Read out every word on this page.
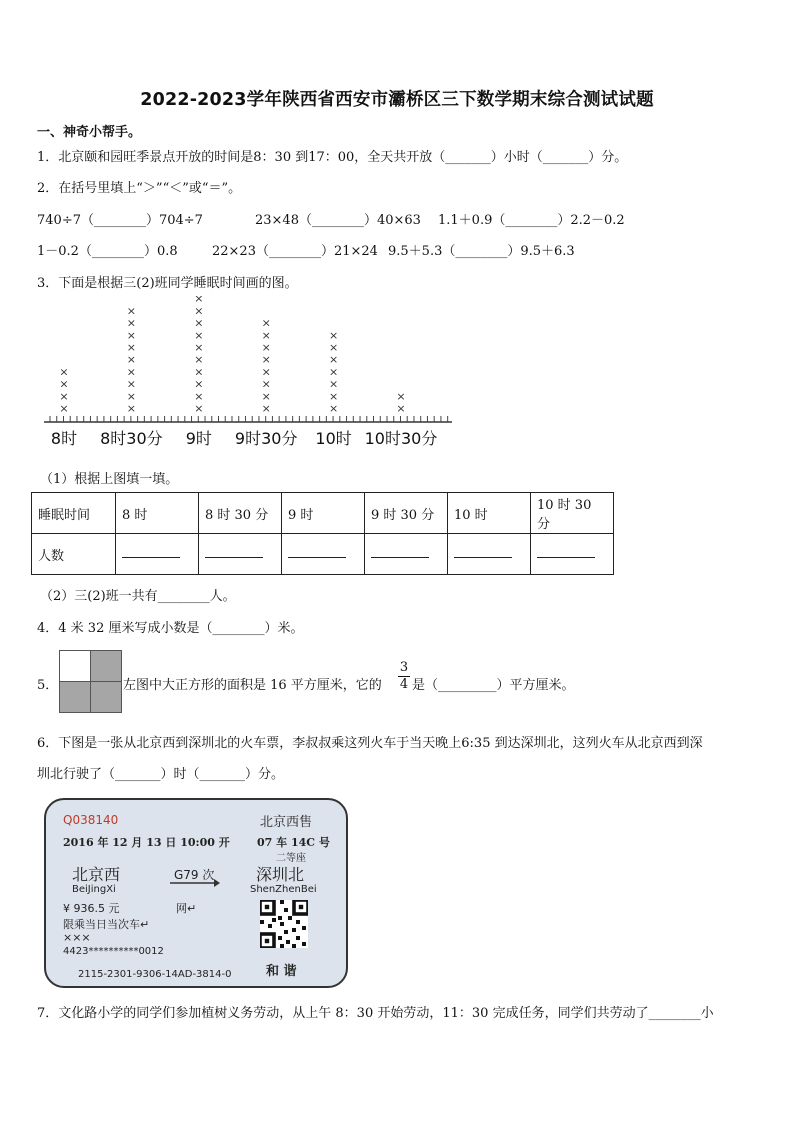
2022-2023学年陕西省西安市灞桥区三下数学期末综合测试试题
一、神奇小帮手。
1．北京颐和园旺季景点开放的时间是8：30 到17：00，全天共开放（_______）小时（_______）分。
2．在括号里填上“＞”“＜”或“＝”。
740÷7（________）704÷7	23×48（________）40×63 1.1＋0.9（________）2.2－0.2
1－0.2（________）0.8	22×23（________）21×24 9.5＋5.3（________）9.5＋6.3
3．下面是根据三(2)班同学睡眠时间画的图。
×
×
×
×
×
×
×
×
×
×
×
×
×
×
×
×
×
×
×
×
×
×
×
×
×
×
×
×
×
×
×
×
×
×
×
×
×
×
×
×
8时 8时30分 9时 9时30分 10时 10时30分
（1）根据上图填一填。
睡眠时间	8 时	8 时 30 分	9 时	9 时 30 分	10 时	10 时 30 分
人数						
（2）三(2)班一共有________人。
4．4 米 32 厘米写成小数是（________）米。
5．	左图中大正方形的面积是 16 平方厘米，它的 $\frac{3}{4}$ 是（_________）平方厘米。
6．下图是一张从北京西到深圳北的火车票，李叔叔乘这列火车于当天晚上6:35 到达深圳北，这列火车从北京西到深
圳北行驶了（_______）时（_______）分。
Q038140	北京西售
2016 年 12 月 13 日 10:00 开 07 车 14C 号
二等座
北京西
BeiJingXi
G79 次	深圳北
ShenZhenBei
¥ 936.5 元	网↵
限乘当日当次车↵
×××
4423**********0012
和 谐
2115-2301-9306-14AD-3814-0
7．文化路小学的同学们参加植树义务劳动，从上午 8：30 开始劳动，11：30 完成任务，同学们共劳动了________小
